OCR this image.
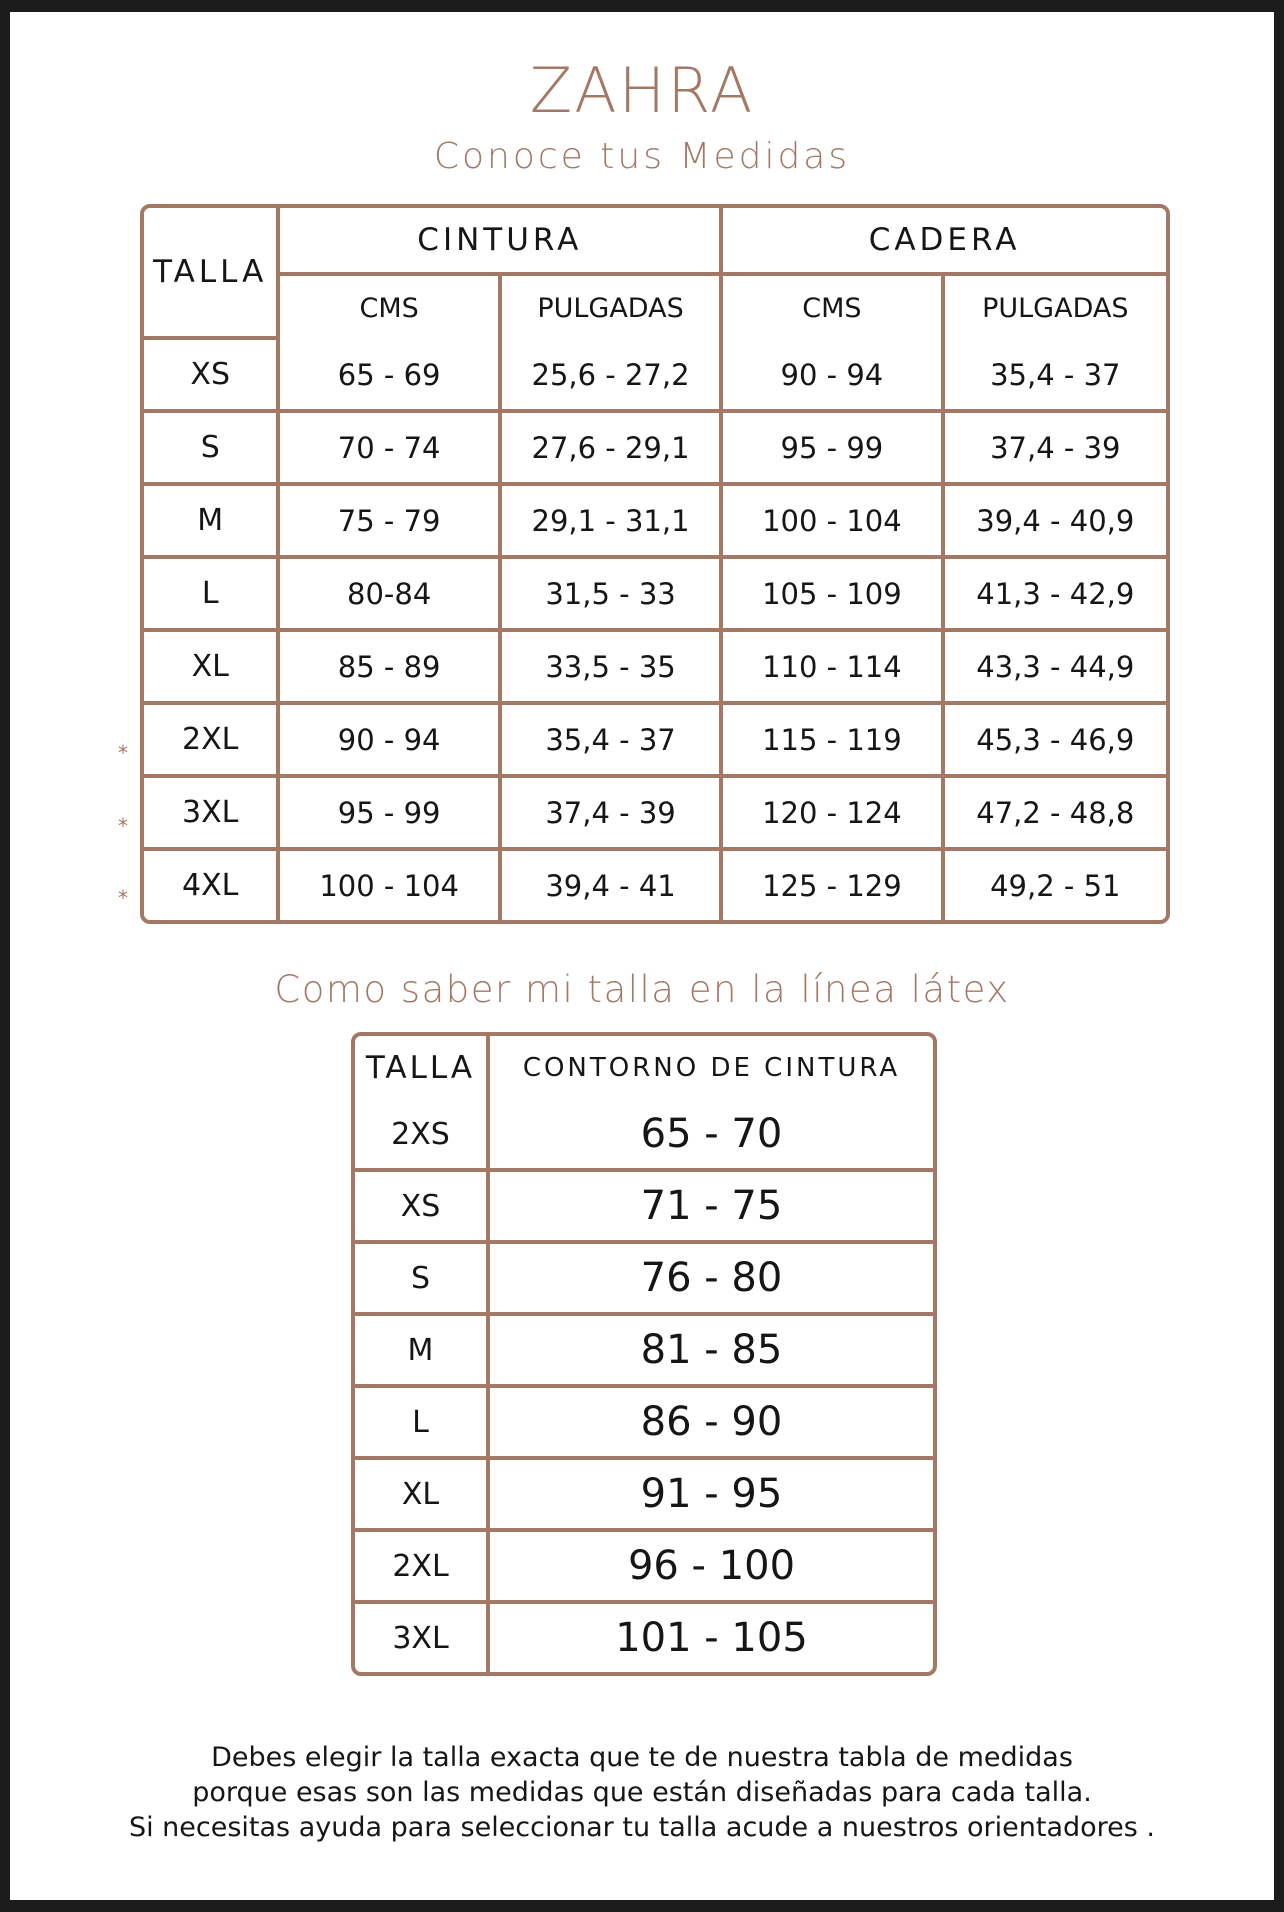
ZAHRA
Conoce tus Medidas
TALLA	CINTURA		CADERA	
	CMS	PULGADAS	CMS	PULGADAS
XS	65 - 69	25,6 - 27,2	90 - 94	35,4 - 37
S	70 - 74	27,6 - 29,1	95 - 99	37,4 - 39
M	75 - 79	29,1 - 31,1	100 - 104	39,4 - 40,9
L	80-84	31,5 - 33	105 - 109	41,3 - 42,9
XL	85 - 89	33,5 - 35	110 - 114	43,3 - 44,9
2XL	90 - 94	35,4 - 37	115 - 119	45,3 - 46,9
3XL	95 - 99	37,4 - 39	120 - 124	47,2 - 48,8
4XL	100 - 104	39,4 - 41	125 - 129	49,2 - 51
*
*
*
Como saber mi talla en la línea látex
TALLA	CONTORNO DE CINTURA
2XS	65 - 70
XS	71 - 75
S	76 - 80
M	81 - 85
L	86 - 90
XL	91 - 95
2XL	96 - 100
3XL	101 - 105
Debes elegir la talla exacta que te de nuestra tabla de medidas
porque esas son las medidas que están diseñadas para cada talla.
Si necesitas ayuda para seleccionar tu talla acude a nuestros orientadores .
